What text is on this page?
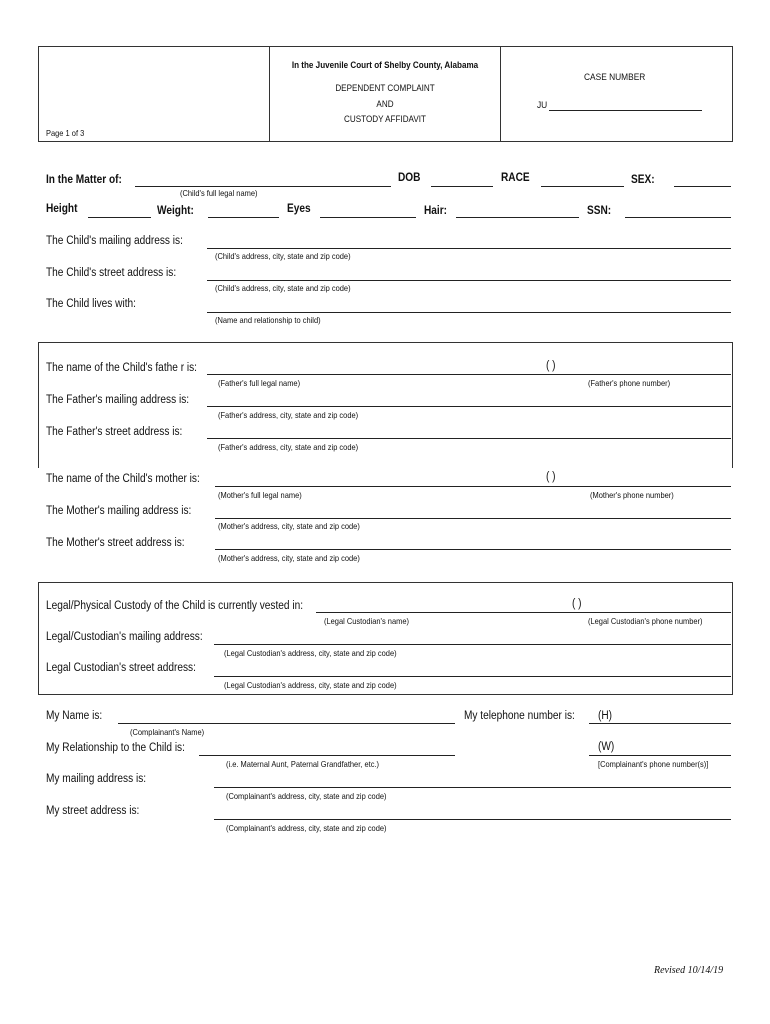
In the Juvenile Court of Shelby County, Alabama
DEPENDENT COMPLAINT
AND
CUSTODY AFFIDAVIT
Page 1 of 3
CASE NUMBER
JU
In the Matter of:
(Child's full legal name)
DOB	RACE	SEX:
Height	Weight:	Eyes	Hair:	SSN:
The Child's mailing address is:
(Child's address, city, state and zip code)
The Child's street address is:
(Child's address, city, state and zip code)
The Child lives with:
(Name and relationship to child)
The name of the Child's fathe r is:	( )
(Father's full legal name)	(Father's phone number)
The Father's mailing address is:
(Father's address, city, state and zip code)
The Father's street address is:
(Father's address, city, state and zip code)
The name of the Child's mother is:	( )
(Mother's full legal name)	(Mother's phone number)
The Mother's mailing address is:
(Mother's address, city, state and zip code)
The Mother's street address is:
(Mother's address, city, state and zip code)
Legal/Physical Custody of the Child is currently vested in:	( )
(Legal Custodian's name)	(Legal Custodian's phone number)
Legal/Custodian's mailing address:
(Legal Custodian's address, city, state and zip code)
Legal Custodian's street address:
(Legal Custodian's address, city, state and zip code)
My Name is:
(Complainant's Name)
My telephone number is: (H)
My Relationship to the Child is:
(i.e. Maternal Aunt, Paternal Grandfather, etc.)
(W)
[Complainant's phone number(s)]
My mailing address is:
(Complainant's address, city, state and zip code)
My street address is:
(Complainant's address, city, state and zip code)
Revised 10/14/19
